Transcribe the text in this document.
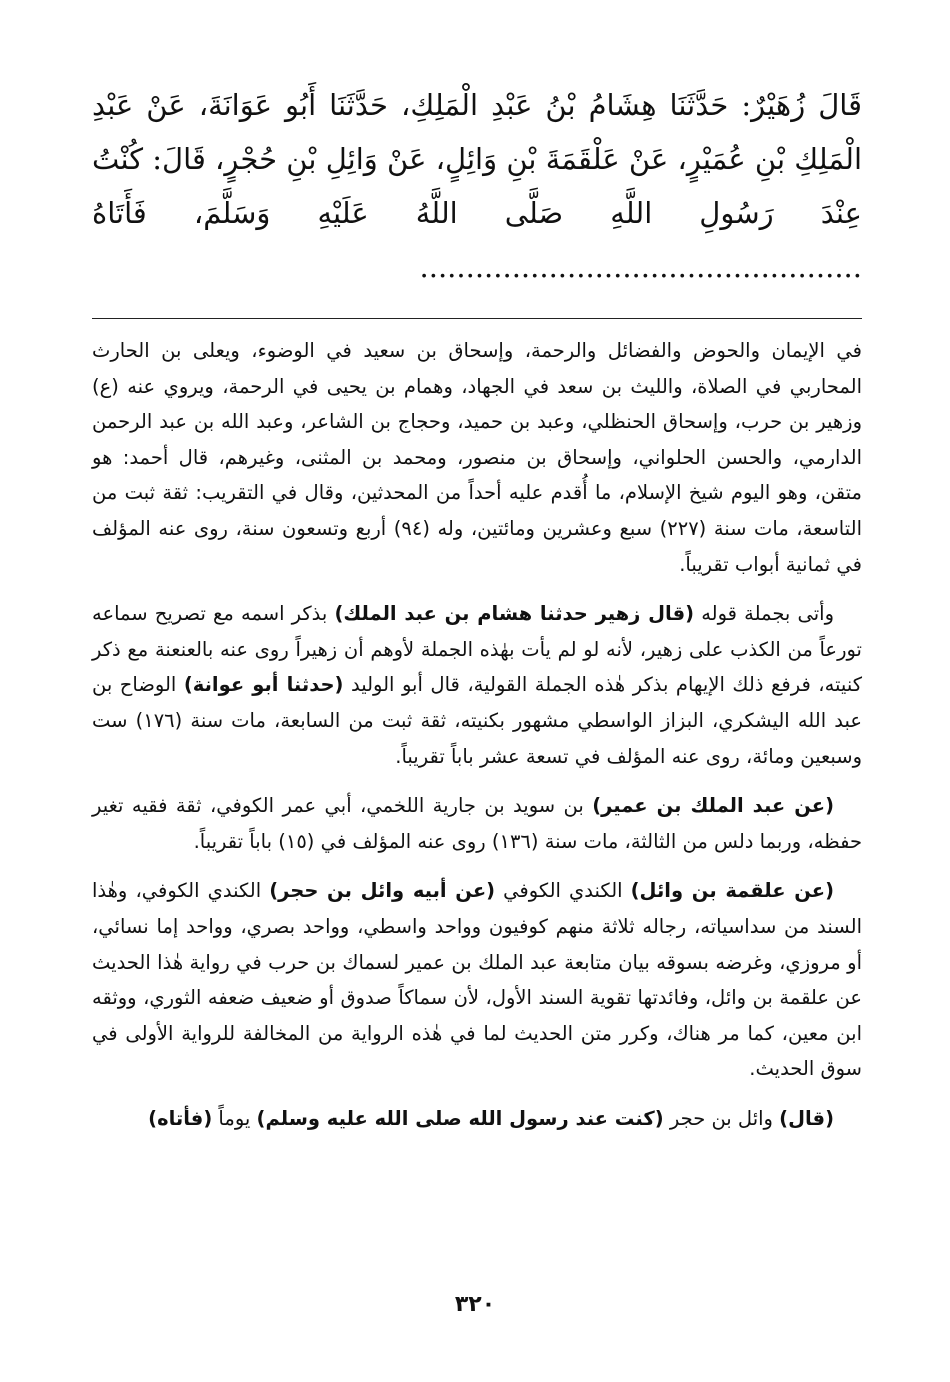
قَالَ زُهَيْرٌ: حَدَّثَنَا هِشَامُ بْنُ عَبْدِ الْمَلِكِ، حَدَّثَنَا أَبُو عَوَانَةَ، عَنْ عَبْدِ الْمَلِكِ بْنِ عُمَيْرٍ، عَنْ عَلْقَمَةَ بْنِ وَائِلٍ، عَنْ وَائِلِ بْنِ حُجْرٍ، قَالَ: كُنْتُ عِنْدَ رَسُولِ اللَّهِ صَلَّى اللَّهُ عَلَيْهِ وَسَلَّمَ، فَأَتَاهُ ................................................

في الإيمان والحوض والفضائل والرحمة، وإسحاق بن سعيد في الوضوء، ويعلى بن الحارث المحاربي في الصلاة، والليث بن سعد في الجهاد، وهمام بن يحيى في الرحمة، ويروي عنه (ع) وزهير بن حرب، وإسحاق الحنظلي، وعبد بن حميد، وحجاج بن الشاعر، وعبد الله بن عبد الرحمن الدارمي، والحسن الحلواني، وإسحاق بن منصور، ومحمد بن المثنى، وغيرهم، قال أحمد: هو متقن، وهو اليوم شيخ الإسلام، ما أُقدم عليه أحداً من المحدثين، وقال في التقريب: ثقة ثبت من التاسعة، مات سنة (٢٢٧) سبع وعشرين ومائتين، وله (٩٤) أربع وتسعون سنة، روى عنه المؤلف في ثمانية أبواب تقريباً.

وأتى بجملة قوله (قال زهير حدثنا هشام بن عبد الملك) بذكر اسمه مع تصريح سماعه تورعاً من الكذب على زهير، لأنه لو لم يأت بهٰذه الجملة لأوهم أن زهيراً روى عنه بالعنعنة مع ذكر كنيته، فرفع ذلك الإيهام بذكر هٰذه الجملة القولية، قال أبو الوليد (حدثنا أبو عوانة) الوضاح بن عبد الله اليشكري، البزاز الواسطي مشهور بكنيته، ثقة ثبت من السابعة، مات سنة (١٧٦) ست وسبعين ومائة، روى عنه المؤلف في تسعة عشر باباً تقريباً.

(عن عبد الملك بن عمير) بن سويد بن جارية اللخمي، أبي عمر الكوفي، ثقة فقيه تغير حفظه، وربما دلس من الثالثة، مات سنة (١٣٦) روى عنه المؤلف في (١٥) باباً تقريباً.

(عن علقمة بن وائل) الكندي الكوفي (عن أبيه وائل بن حجر) الكندي الكوفي، وهٰذا السند من سداسياته، رجاله ثلاثة منهم كوفيون وواحد واسطي، وواحد بصري، وواحد إما نسائي، أو مروزي، وغرضه بسوقه بيان متابعة عبد الملك بن عمير لسماك بن حرب في رواية هٰذا الحديث عن علقمة بن وائل، وفائدتها تقوية السند الأول، لأن سماكاً صدوق أو ضعيف ضعفه الثوري، ووثقه ابن معين، كما مر هناك، وكرر متن الحديث لما في هٰذه الرواية من المخالفة للرواية الأولى في سوق الحديث.

(قال) وائل بن حجر (كنت عند رسول الله صلى الله عليه وسلم) يوماً (فأتاه)

٣٢٠
